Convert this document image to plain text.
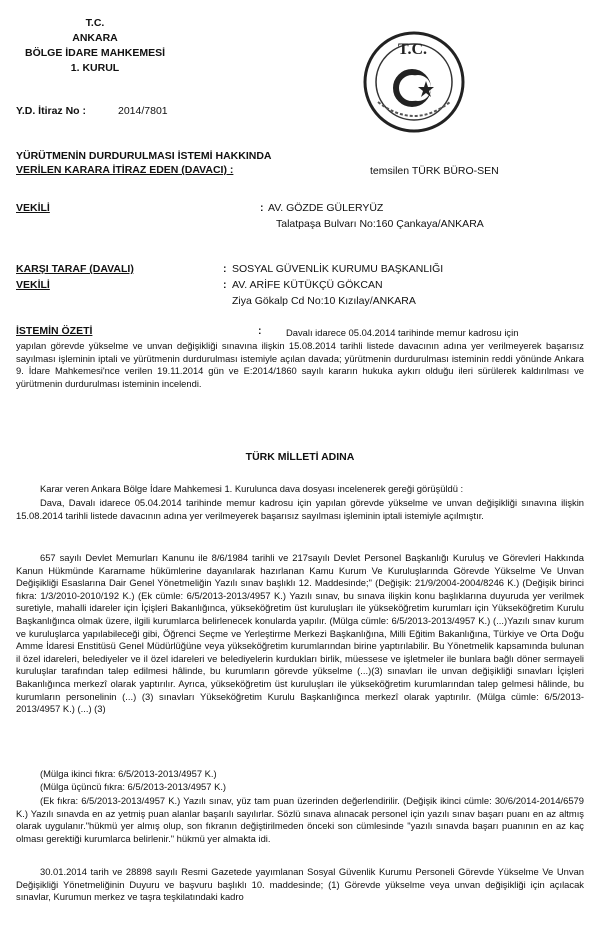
T.C.
ANKARA
BÖLGE İDARE MAHKEMESİ
1. KURUL
T.C.
Y.D. İtiraz No :	2014/7801
YÜRÜTMENİN DURDURULMASI İSTEMİ HAKKINDA
VERİLEN KARARA İTİRAZ EDEN (DAVACI) :	temsilen TÜRK BÜRO-SEN
VEKİLİ	: AV. GÖZDE GÜLERYÜZ
Talatpaşa Bulvarı No:160 Çankaya/ANKARA
KARŞI TARAF (DAVALI)	: SOSYAL GÜVENLİK KURUMU BAŞKANLIĞI
VEKİLİ	: AV. ARİFE KÜTÜKÇÜ GÖKCAN
Ziya Gökalp Cd No:10 Kızılay/ANKARA
İSTEMİN ÖZETİ	:	Davalı idarece 05.04.2014 tarihinde memur kadrosu için
yapılan görevde yükselme ve unvan değişikliği sınavına ilişkin 15.08.2014 tarihli listede davacının adına yer verilmeyerek başarısız sayılması işleminin iptali ve yürütmenin durdurulması istemiyle açılan davada; yürütmenin durdurulması isteminin reddi yönünde Ankara 9. İdare Mahkemesi'nce verilen 19.11.2014 gün ve E:2014/1860 sayılı kararın hukuka aykırı olduğu ileri sürülerek kaldırılması ve yürütmenin durdurulması isteminin incelendi.
TÜRK MİLLETİ ADINA
Karar veren Ankara Bölge İdare Mahkemesi 1. Kurulunca dava dosyası incelenerek gereği görüşüldü :
Dava, Davalı idarece 05.04.2014 tarihinde memur kadrosu için yapılan görevde yükselme ve unvan değişikliği sınavına ilişkin 15.08.2014 tarihli listede davacının adına yer verilmeyerek başarısız sayılması işleminin iptali istemiyle açılmıştır.
657 sayılı Devlet Memurları Kanunu ile 8/6/1984 tarihli ve 217sayılı Devlet Personel Başkanlığı Kuruluş ve Görevleri Hakkında Kanun Hükmünde Kararname hükümlerine dayanılarak hazırlanan Kamu Kurum Ve Kuruluşlarında Görevde Yükselme Ve Unvan Değişikliği Esaslarına Dair Genel Yönetmeliğin Yazılı sınav başlıklı 12. Maddesinde;" (Değişik: 21/9/2004-2004/8246 K.) (Değişik birinci fıkra: 1/3/2010-2010/192 K.) (Ek cümle: 6/5/2013-2013/4957 K.) Yazılı sınav, bu sınava ilişkin konu başlıklarına duyuruda yer verilmek suretiyle, mahalli idareler için İçişleri Bakanlığınca, yükseköğretim üst kuruluşları ile yükseköğretim kurumları için Yükseköğretim Kurulu Başkanlığınca olmak üzere, ilgili kurumlarca belirlenecek konularda yapılır. (Mülga cümle: 6/5/2013-2013/4957 K.) (...)Yazılı sınav kurum ve kuruluşlarca yapılabileceği gibi, Öğrenci Seçme ve Yerleştirme Merkezi Başkanlığına, Milli Eğitim Bakanlığına, Türkiye ve Orta Doğu Amme İdaresi Enstitüsü Genel Müdürlüğüne veya yükseköğretim kurumlarından birine yaptırılabilir. Bu Yönetmelik kapsamında bulunan il özel idareleri, belediyeler ve il özel idareleri ve belediyelerin kurdukları birlik, müessese ve işletmeler ile bunlara bağlı döner sermayeli kuruluşlar tarafından talep edilmesi hâlinde, bu kurumların görevde yükselme (...)(3) sınavları ile unvan değişikliği sınavları İçişleri Bakanlığınca merkezî olarak yaptırılır. Ayrıca, yükseköğretim üst kuruluşları ile yükseköğretim kurumlarından talep gelmesi hâlinde, bu kurumların personelinin (...) (3) sınavları Yükseköğretim Kurulu Başkanlığınca merkezî olarak yaptırılır. (Mülga cümle: 6/5/2013-2013/4957 K.) (...) (3)
(Mülga ikinci fıkra: 6/5/2013-2013/4957 K.)
(Mülga üçüncü fıkra: 6/5/2013-2013/4957 K.)
(Ek fıkra: 6/5/2013-2013/4957 K.) Yazılı sınav, yüz tam puan üzerinden değerlendirilir. (Değişik ikinci cümle: 30/6/2014-2014/6579 K.) Yazılı sınavda en az yetmiş puan alanlar başarılı sayılırlar. Sözlü sınava alınacak personel için yazılı sınav başarı puanı en az altmış olarak uygulanır."hükmü yer almış olup, son fıkranın değiştirilmeden önceki son cümlesinde "yazılı sınavda başarı puanının en az kaç olması gerektiği kurumlarca belirlenir." hükmü yer almakta idi.
30.01.2014 tarih ve 28898 sayılı Resmi Gazetede yayımlanan Sosyal Güvenlik Kurumu Personeli Görevde Yükselme Ve Unvan Değişikliği Yönetmeliğinin Duyuru ve başvuru başlıklı 10. maddesinde; (1) Görevde yükselme veya unvan değişikliği için açılacak sınavlar, Kurumun merkez ve taşra teşkilatındaki kadro
